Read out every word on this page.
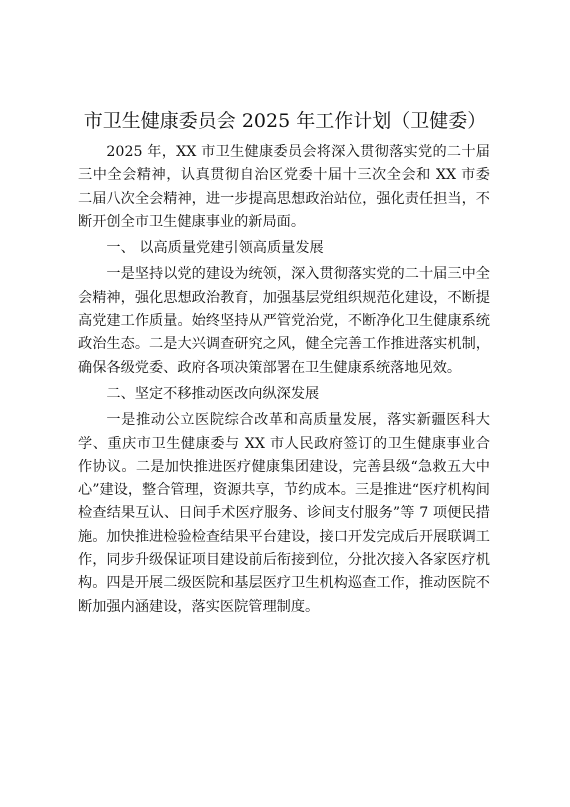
市卫生健康委员会 2025 年工作计划（卫健委）

2025 年，XX 市卫生健康委员会将深入贯彻落实党的二十届三中全会精神，认真贯彻自治区党委十届十三次全会和 XX 市委二届八次全会精神，进一步提高思想政治站位，强化责任担当，不断开创全市卫生健康事业的新局面。

一、 以高质量党建引领高质量发展

一是坚持以党的建设为统领，深入贯彻落实党的二十届三中全会精神，强化思想政治教育，加强基层党组织规范化建设，不断提高党建工作质量。始终坚持从严管党治党，不断净化卫生健康系统政治生态。二是大兴调查研究之风，健全完善工作推进落实机制，确保各级党委、政府各项决策部署在卫生健康系统落地见效。

二、坚定不移推动医改向纵深发展

一是推动公立医院综合改革和高质量发展，落实新疆医科大学、重庆市卫生健康委与 XX 市人民政府签订的卫生健康事业合作协议。二是加快推进医疗健康集团建设，完善县级“急救五大中心”建设，整合管理，资源共享，节约成本。三是推进“医疗机构间检查结果互认、日间手术医疗服务、诊间支付服务”等 7 项便民措施。加快推进检验检查结果平台建设，接口开发完成后开展联调工作，同步升级保证项目建设前后衔接到位，分批次接入各家医疗机构。四是开展二级医院和基层医疗卫生机构巡查工作，推动医院不断加强内涵建设，落实医院管理制度。
